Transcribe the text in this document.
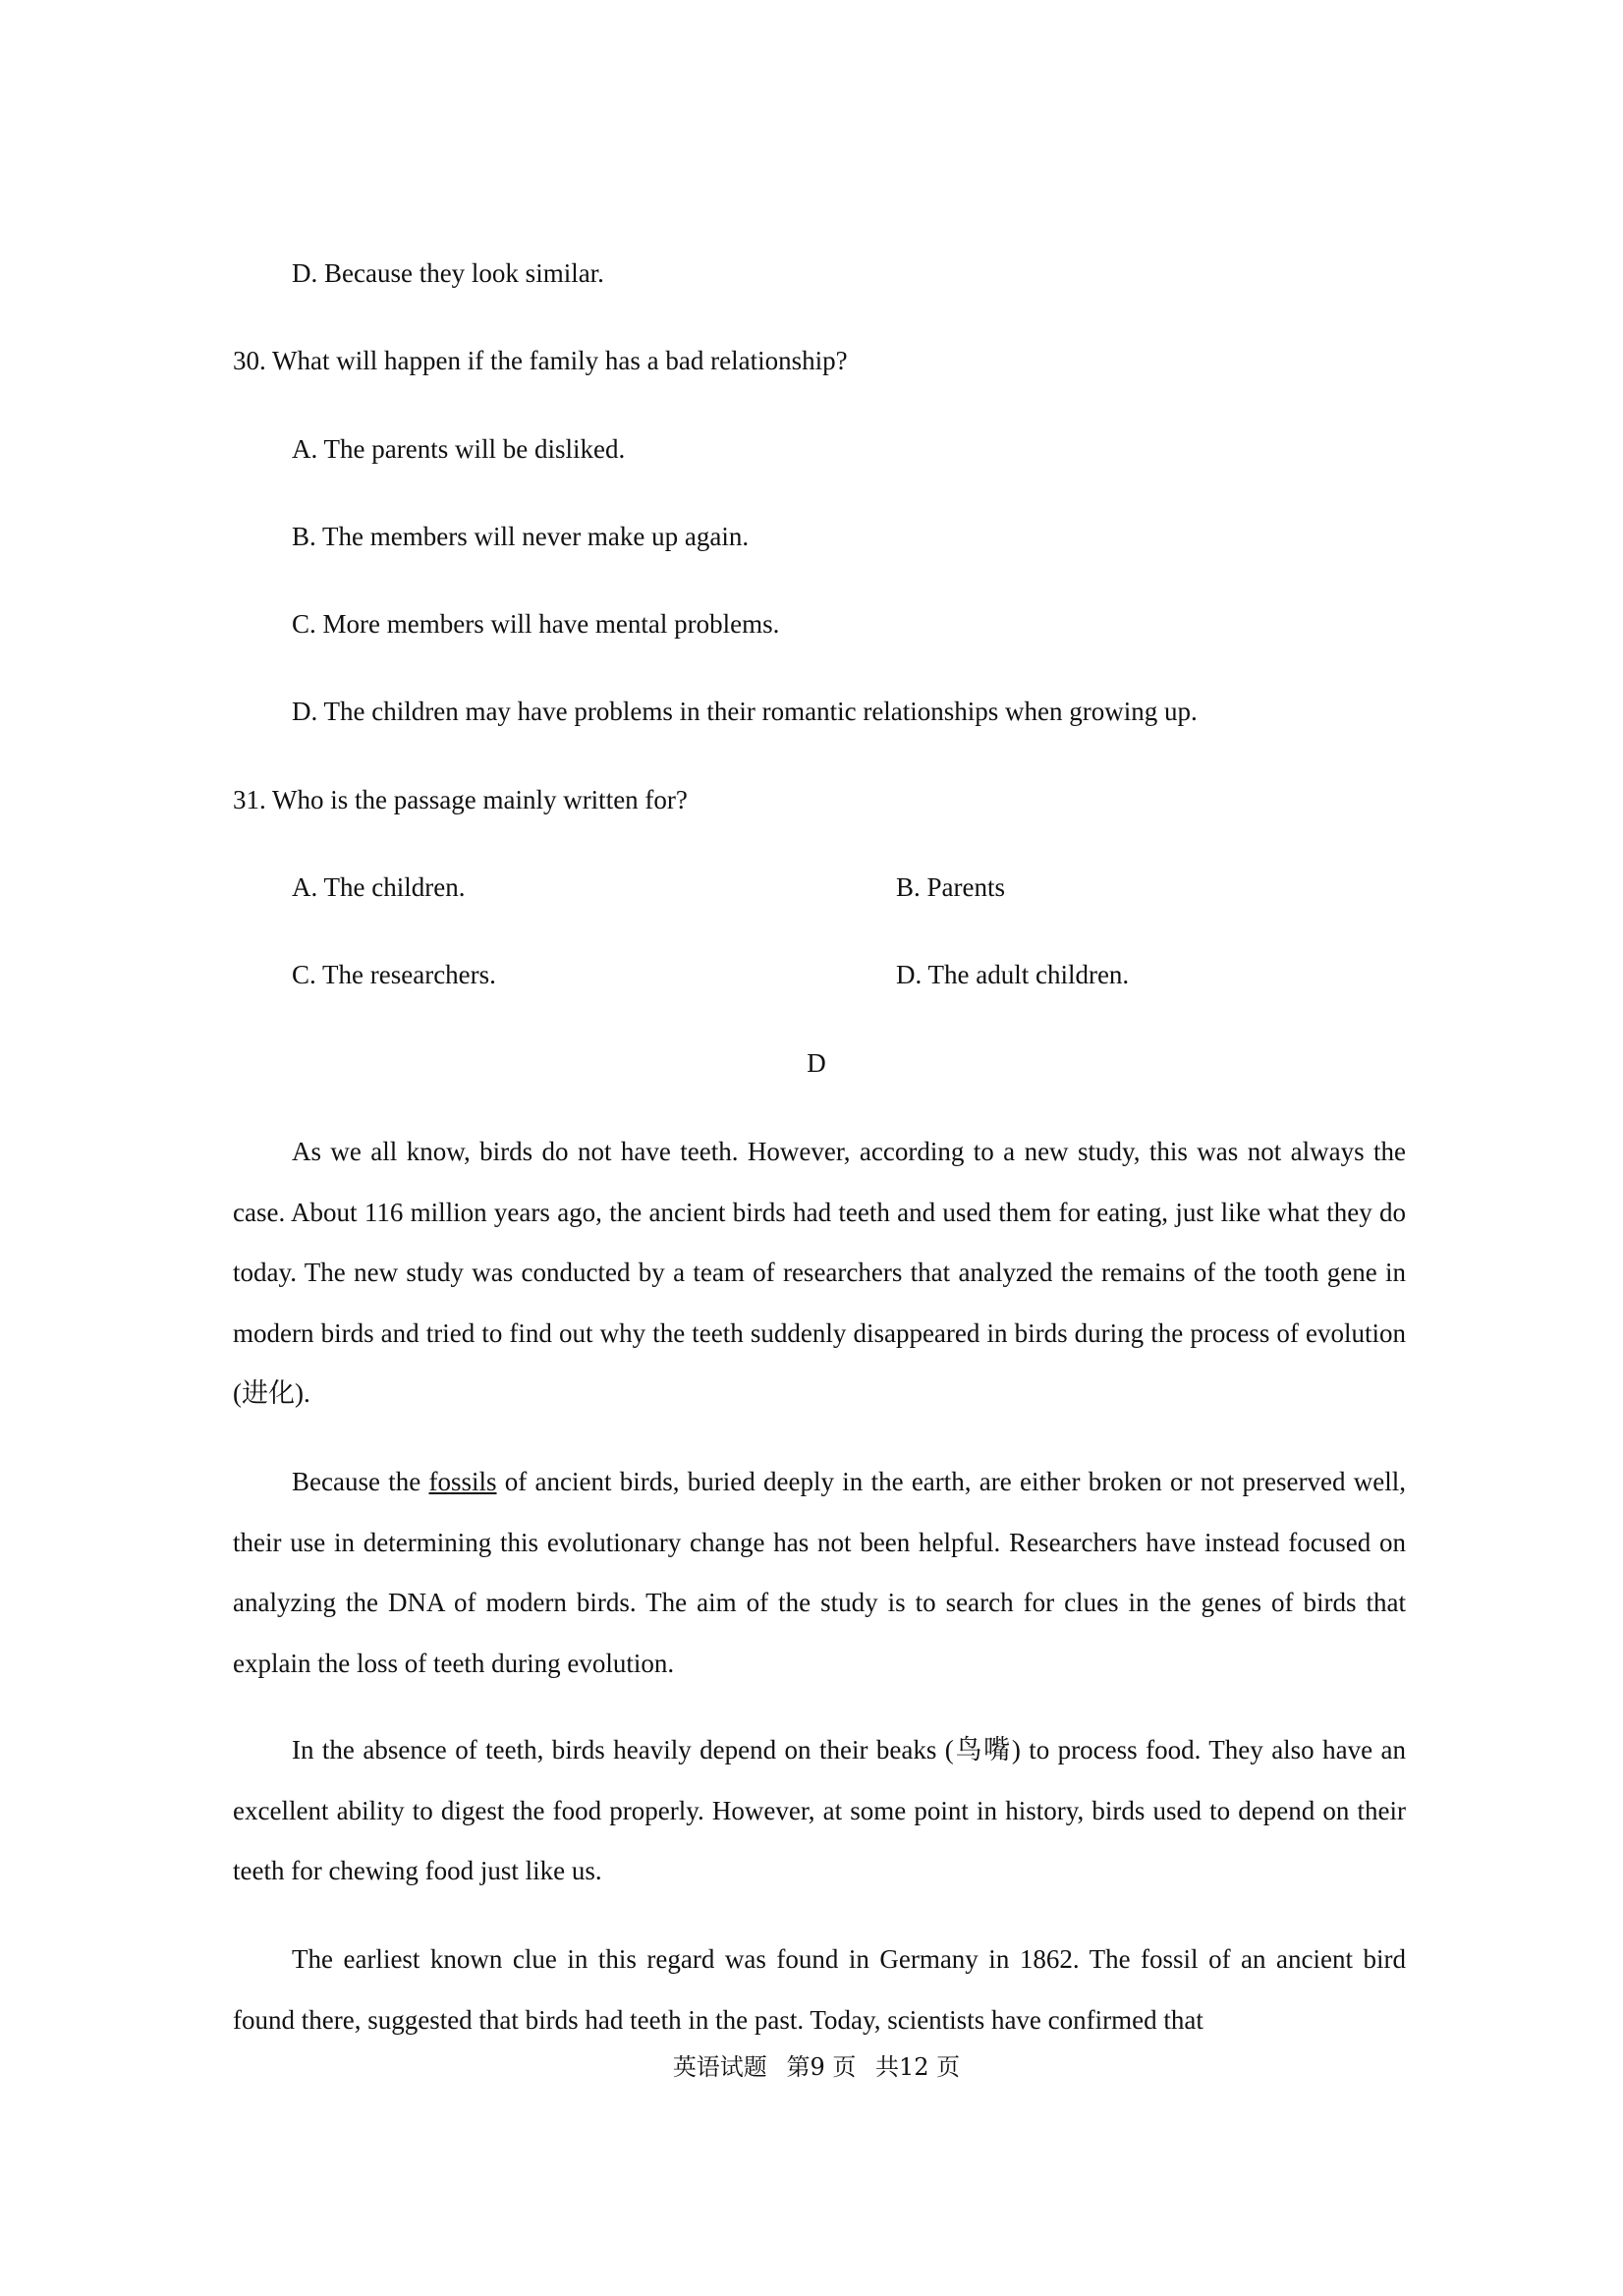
D. Because they look similar.
30. What will happen if the family has a bad relationship?
A. The parents will be disliked.
B. The members will never make up again.
C. More members will have mental problems.
D. The children may have problems in their romantic relationships when growing up.
31. Who is the passage mainly written for?
A. The children.	B. Parents
C. The researchers.	D. The adult children.
D
As we all know, birds do not have teeth. However, according to a new study, this was not always the case. About 116 million years ago, the ancient birds had teeth and used them for eating, just like what they do today. The new study was conducted by a team of researchers that analyzed the remains of the tooth gene in modern birds and tried to find out why the teeth suddenly disappeared in birds during the process of evolution (进化).
Because the fossils of ancient birds, buried deeply in the earth, are either broken or not preserved well, their use in determining this evolutionary change has not been helpful. Researchers have instead focused on analyzing the DNA of modern birds. The aim of the study is to search for clues in the genes of birds that explain the loss of teeth during evolution.
In the absence of teeth, birds heavily depend on their beaks (鸟嘴) to process food. They also have an excellent ability to digest the food properly. However, at some point in history, birds used to depend on their teeth for chewing food just like us.
The earliest known clue in this regard was found in Germany in 1862. The fossil of an ancient bird found there, suggested that birds had teeth in the past. Today, scientists have confirmed that
英语试题 第9 页 共12 页
